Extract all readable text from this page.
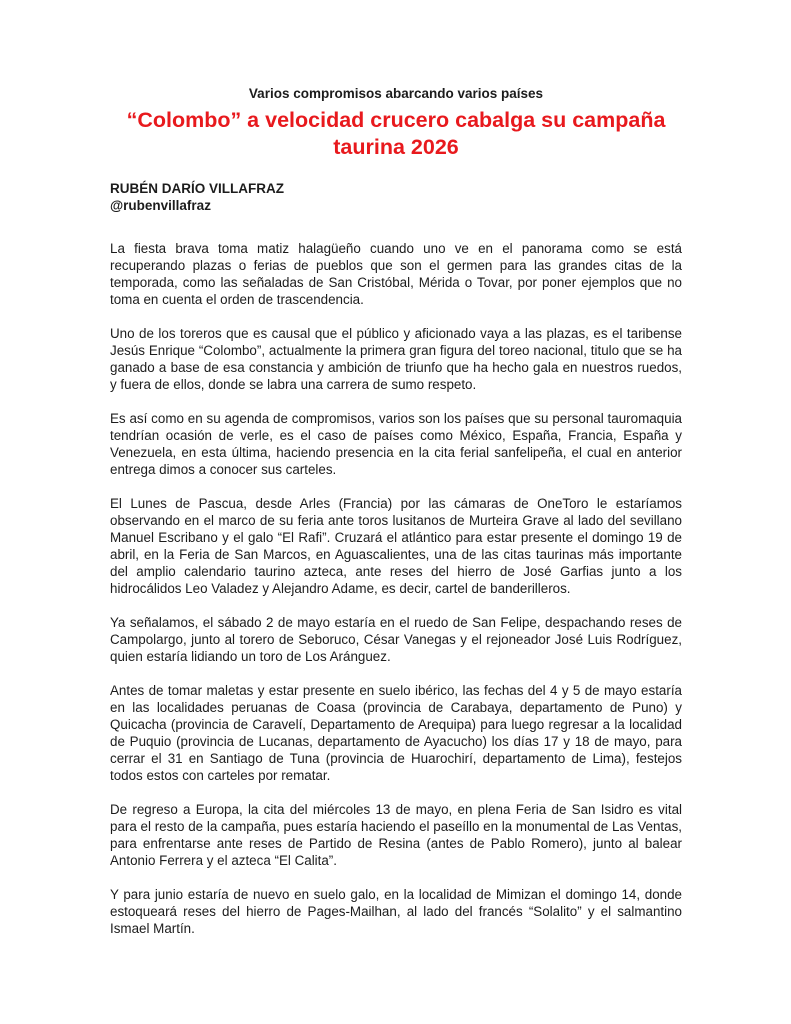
Varios compromisos abarcando varios países

“Colombo” a velocidad crucero cabalga su campaña taurina 2026

RUBÉN DARÍO VILLAFRAZ

@rubenvillafraz

La fiesta brava toma matiz halagüeño cuando uno ve en el panorama como se está recuperando plazas o ferias de pueblos que son el germen para las grandes citas de la temporada, como las señaladas de San Cristóbal, Mérida o Tovar, por poner ejemplos que no toma en cuenta el orden de trascendencia.

Uno de los toreros que es causal que el público y aficionado vaya a las plazas, es el taribense Jesús Enrique “Colombo”, actualmente la primera gran figura del toreo nacional, titulo que se ha ganado a base de esa constancia y ambición de triunfo que ha hecho gala en nuestros ruedos, y fuera de ellos, donde se labra una carrera de sumo respeto.

Es así como en su agenda de compromisos, varios son los países que su personal tauromaquia tendrían ocasión de verle, es el caso de países como México, España, Francia, España y Venezuela, en esta última, haciendo presencia en la cita ferial sanfelipeña, el cual en anterior entrega dimos a conocer sus carteles.

El Lunes de Pascua, desde Arles (Francia) por las cámaras de OneToro le estaríamos observando en el marco de su feria ante toros lusitanos de Murteira Grave al lado del sevillano Manuel Escribano y el galo “El Rafi”. Cruzará el atlántico para estar presente el domingo 19 de abril, en la Feria de San Marcos, en Aguascalientes, una de las citas taurinas más importante del amplio calendario taurino azteca, ante reses del hierro de José Garfias junto a los hidrocálidos Leo Valadez y Alejandro Adame, es decir, cartel de banderilleros.

Ya señalamos, el sábado 2 de mayo estaría en el ruedo de San Felipe, despachando reses de Campolargo, junto al torero de Seboruco, César Vanegas y el rejoneador José Luis Rodríguez, quien estaría lidiando un toro de Los Aránguez.

Antes de tomar maletas y estar presente en suelo ibérico, las fechas del 4 y 5 de mayo estaría en las localidades peruanas de Coasa (provincia de Carabaya, departamento de Puno) y Quicacha (provincia de Caravelí, Departamento de Arequipa) para luego regresar a la localidad de Puquio (provincia de Lucanas, departamento de Ayacucho) los días 17 y 18 de mayo, para cerrar el 31 en Santiago de Tuna (provincia de Huarochirí, departamento de Lima), festejos todos estos con carteles por rematar.

De regreso a Europa, la cita del miércoles 13 de mayo, en plena Feria de San Isidro es vital para el resto de la campaña, pues estaría haciendo el paseíllo en la monumental de Las Ventas, para enfrentarse ante reses de Partido de Resina (antes de Pablo Romero), junto al balear Antonio Ferrera y el azteca “El Calita”.

Y para junio estaría de nuevo en suelo galo, en la localidad de Mimizan el domingo 14, donde estoqueará reses del hierro de Pages-Mailhan, al lado del francés “Solalito” y el salmantino Ismael Martín.
